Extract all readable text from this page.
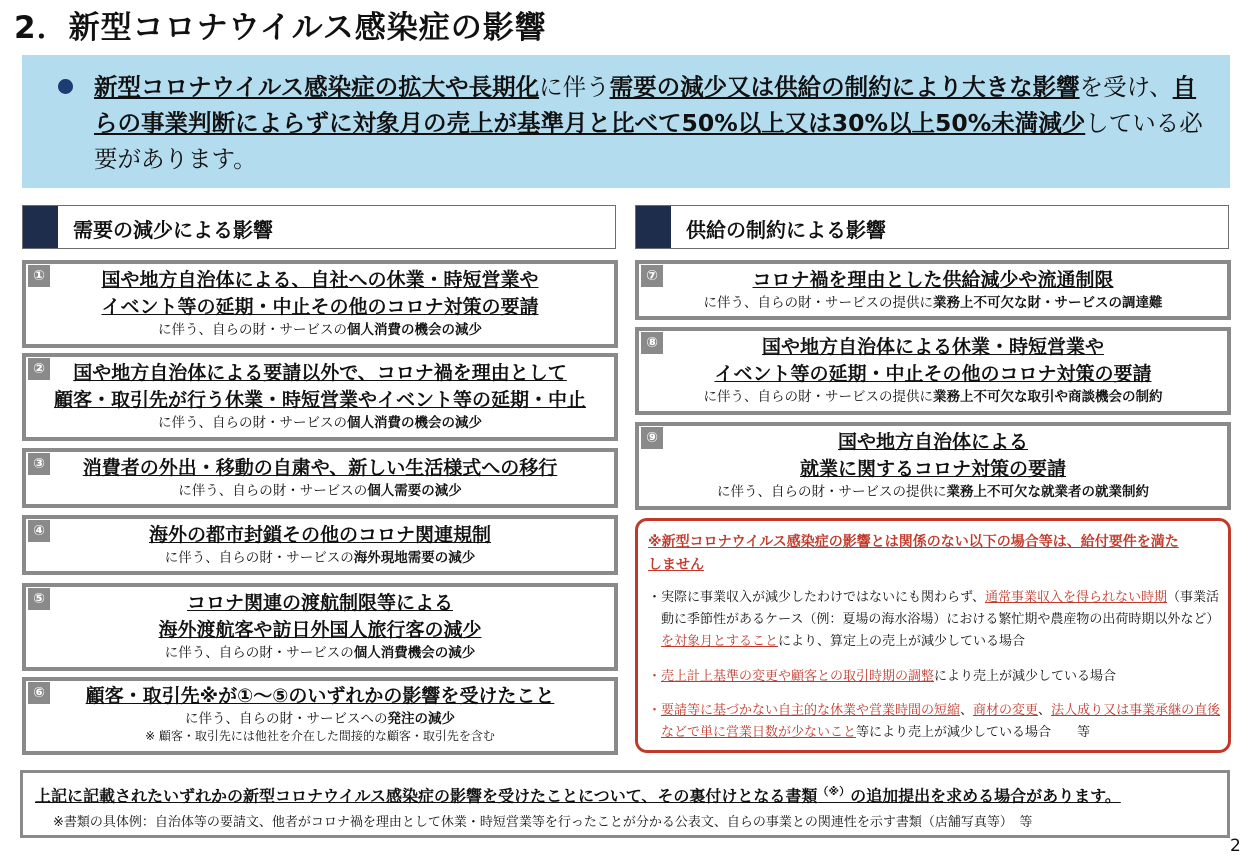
2．新型コロナウイルス感染症の影響
新型コロナウイルス感染症の拡大や長期化に伴う需要の減少又は供給の制約により大きな影響を受け、自らの事業判断によらずに対象月の売上が基準月と比べて50%以上又は30%以上50%未満減少している必要があります。
需要の減少による影響
①	国や地方自治体による、自社への休業・時短営業や
イベント等の延期・中止その他のコロナ対策の要請
に伴う、自らの財・サービスの個人消費の機会の減少
②	国や地方自治体による要請以外で、コロナ禍を理由として
顧客・取引先が行う休業・時短営業やイベント等の延期・中止
に伴う、自らの財・サービスの個人消費の機会の減少
③	消費者の外出・移動の自粛や、新しい生活様式への移行
に伴う、自らの財・サービスの個人需要の減少
④	海外の都市封鎖その他のコロナ関連規制
に伴う、自らの財・サービスの海外現地需要の減少
⑤	コロナ関連の渡航制限等による
海外渡航客や訪日外国人旅行客の減少
に伴う、自らの財・サービスの個人消費機会の減少
⑥	顧客・取引先※が①～⑤のいずれかの影響を受けたこと
に伴う、自らの財・サービスへの発注の減少
※ 顧客・取引先には他社を介在した間接的な顧客・取引先を含む
供給の制約による影響
⑦	コロナ禍を理由とした供給減少や流通制限
に伴う、自らの財・サービスの提供に業務上不可欠な財・サービスの調達難
⑧	国や地方自治体による休業・時短営業や
イベント等の延期・中止その他のコロナ対策の要請
に伴う、自らの財・サービスの提供に業務上不可欠な取引や商談機会の制約
⑨	国や地方自治体による
就業に関するコロナ対策の要請
に伴う、自らの財・サービスの提供に業務上不可欠な就業者の就業制約
※新型コロナウイルス感染症の影響とは関係のない以下の場合等は、給付要件を満た
しません
・ 実際に事業収入が減少したわけではないにも関わらず、通常事業収入を得られない時期（事業活動に季節性があるケース（例：夏場の海水浴場）における繁忙期や農産物の出荷時期以外など）を対象月とすることにより、算定上の売上が減少している場合
・ 売上計上基準の変更や顧客との取引時期の調整により売上が減少している場合
・ 要請等に基づかない自主的な休業や営業時間の短縮、商材の変更、法人成り又は事業承継の直後などで単に営業日数が少ないこと等により売上が減少している場合　　等
上記に記載されたいずれかの新型コロナウイルス感染症の影響を受けたことについて、その裏付けとなる書類（※）の追加提出を求める場合があります。
※書類の具体例：自治体等の要請文、他者がコロナ禍を理由として休業・時短営業等を行ったことが分かる公表文、自らの事業との関連性を示す書類（店舗写真等）　等
2
